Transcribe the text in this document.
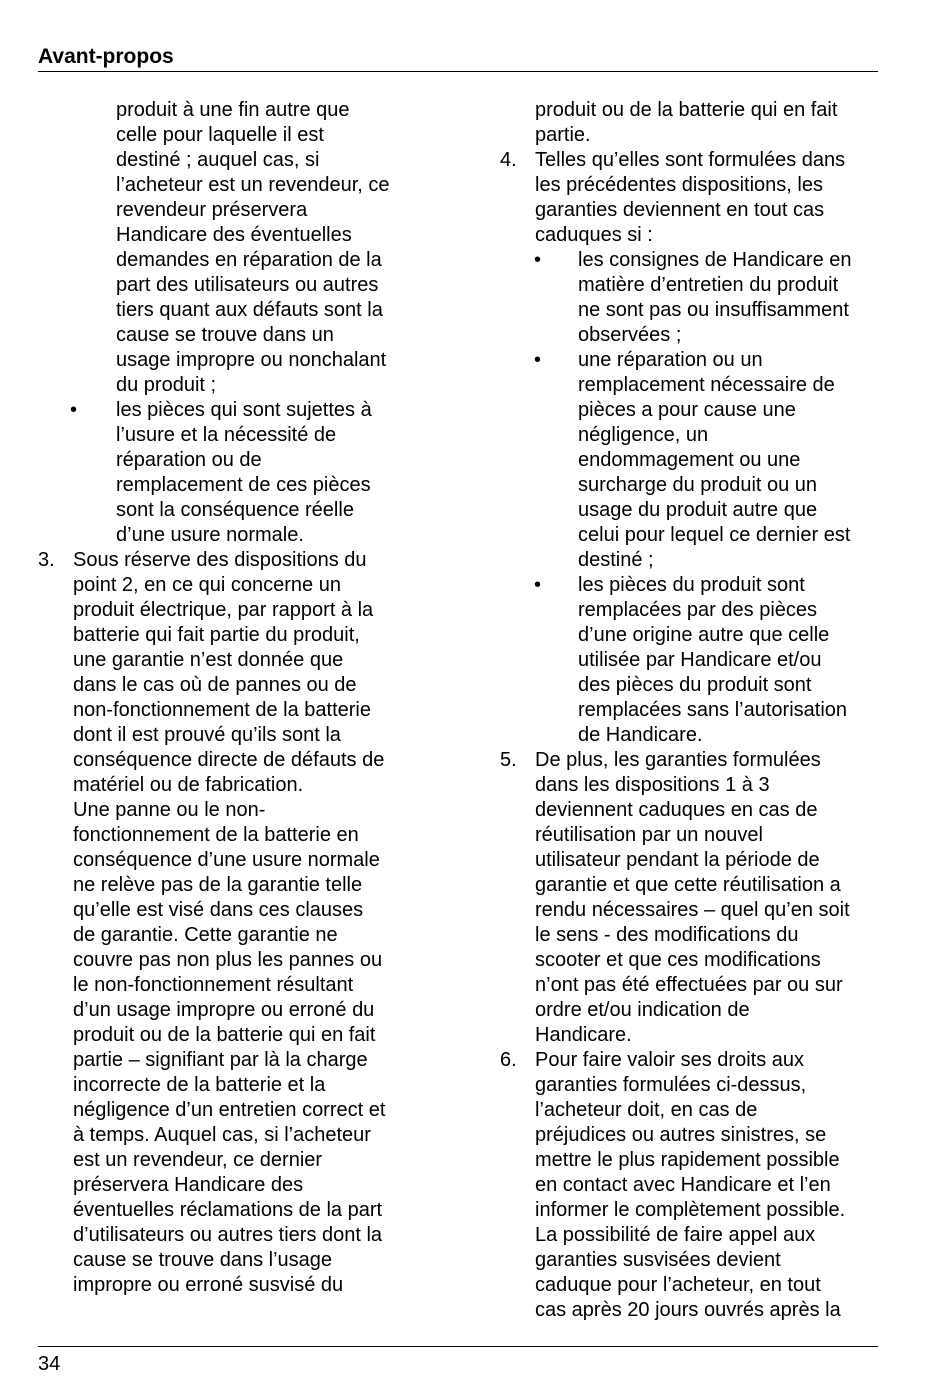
Avant-propos
produit à une fin autre que
celle pour laquelle il est
destiné ; auquel cas, si
l’acheteur est un revendeur, ce
revendeur préservera
Handicare des éventuelles
demandes en réparation de la
part des utilisateurs ou autres
tiers quant aux défauts sont la
cause se trouve dans un
usage impropre ou nonchalant
du produit ;
• les pièces qui sont sujettes à
l’usure et la nécessité de
réparation ou de
remplacement de ces pièces
sont la conséquence réelle
d’une usure normale.
3. Sous réserve des dispositions du
point 2, en ce qui concerne un
produit électrique, par rapport à la
batterie qui fait partie du produit,
une garantie n’est donnée que
dans le cas où de pannes ou de
non-fonctionnement de la batterie
dont il est prouvé qu’ils sont la
conséquence directe de défauts de
matériel ou de fabrication.
Une panne ou le non-
fonctionnement de la batterie en
conséquence d’une usure normale
ne relève pas de la garantie telle
qu’elle est visé dans ces clauses
de garantie. Cette garantie ne
couvre pas non plus les pannes ou
le non-fonctionnement résultant
d’un usage impropre ou erroné du
produit ou de la batterie qui en fait
partie – signifiant par là la charge
incorrecte de la batterie et la
négligence d’un entretien correct et
à temps. Auquel cas, si l’acheteur
est un revendeur, ce dernier
préservera Handicare des
éventuelles réclamations de la part
d’utilisateurs ou autres tiers dont la
cause se trouve dans l’usage
impropre ou erroné susvisé du
produit ou de la batterie qui en fait
partie.
4. Telles qu’elles sont formulées dans
les précédentes dispositions, les
garanties deviennent en tout cas
caduques si :
• les consignes de Handicare en
matière d’entretien du produit
ne sont pas ou insuffisamment
observées ;
• une réparation ou un
remplacement nécessaire de
pièces a pour cause une
négligence, un
endommagement ou une
surcharge du produit ou un
usage du produit autre que
celui pour lequel ce dernier est
destiné ;
• les pièces du produit sont
remplacées par des pièces
d’une origine autre que celle
utilisée par Handicare et/ou
des pièces du produit sont
remplacées sans l’autorisation
de Handicare.
5. De plus, les garanties formulées
dans les dispositions 1 à 3
deviennent caduques en cas de
réutilisation par un nouvel
utilisateur pendant la période de
garantie et que cette réutilisation a
rendu nécessaires – quel qu’en soit
le sens - des modifications du
scooter et que ces modifications
n’ont pas été effectuées par ou sur
ordre et/ou indication de
Handicare.
6. Pour faire valoir ses droits aux
garanties formulées ci-dessus,
l’acheteur doit, en cas de
préjudices ou autres sinistres, se
mettre le plus rapidement possible
en contact avec Handicare et l’en
informer le complètement possible.
La possibilité de faire appel aux
garanties susvisées devient
caduque pour l’acheteur, en tout
cas après 20 jours ouvrés après la
34
